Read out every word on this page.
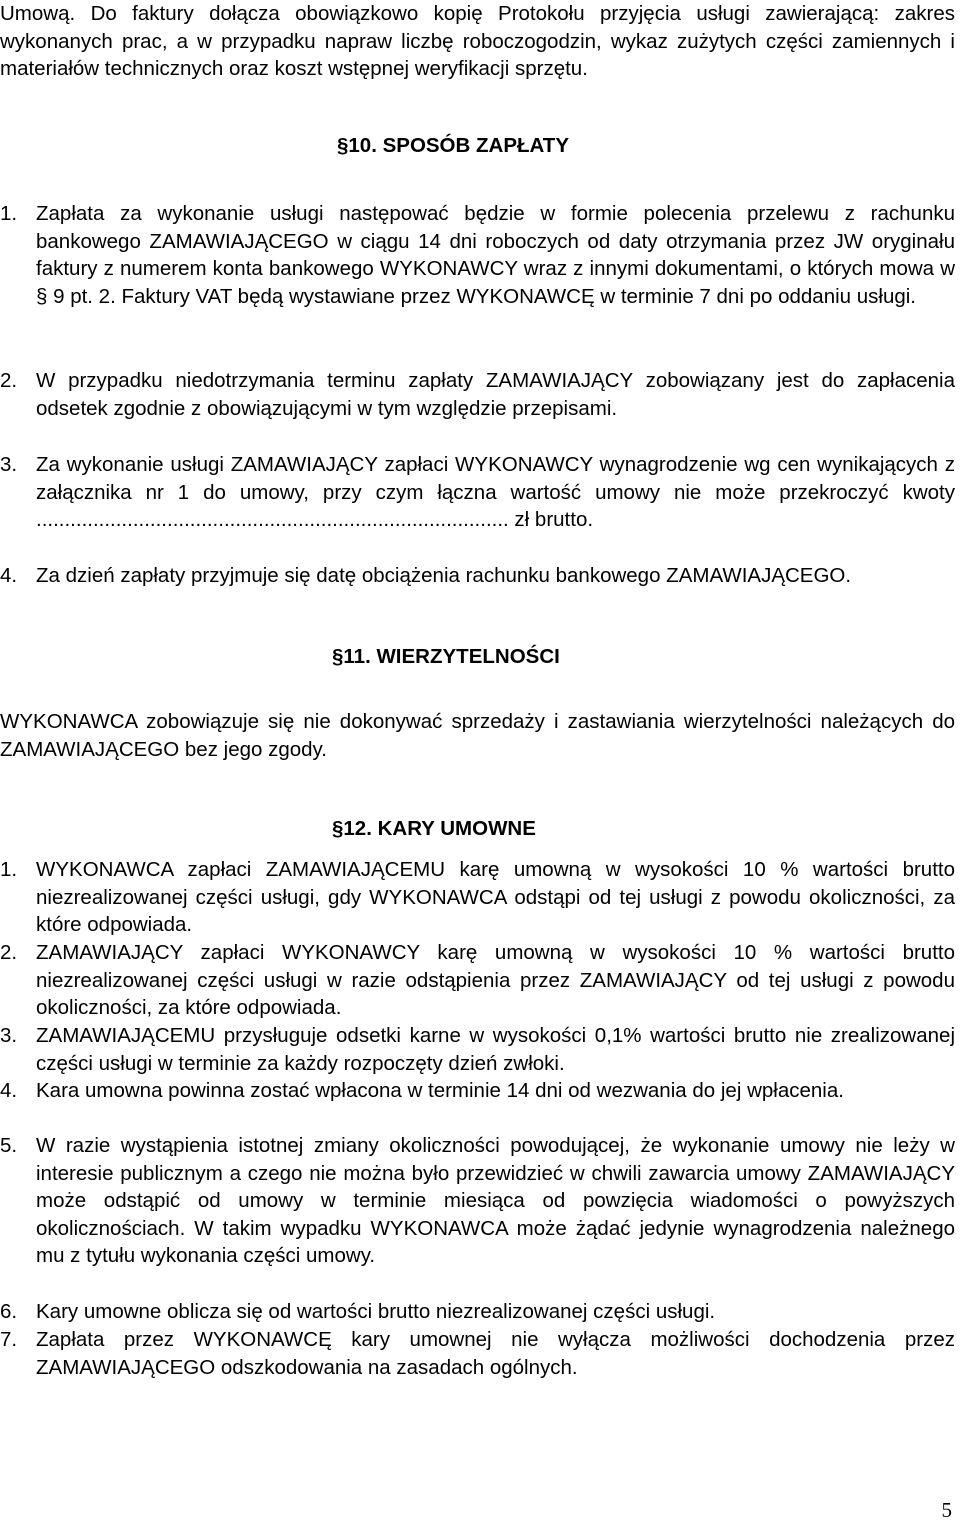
Umową. Do faktury dołącza obowiązkowo kopię Protokołu przyjęcia usługi zawierającą: zakres wykonanych prac, a w przypadku napraw liczbę roboczogodzin, wykaz zużytych części zamiennych i materiałów technicznych oraz koszt wstępnej weryfikacji sprzętu.

§10. SPOSÓB ZAPŁATY
1. Zapłata za wykonanie usługi następować będzie w formie polecenia przelewu z rachunku bankowego ZAMAWIAJĄCEGO w ciągu 14 dni roboczych od daty otrzymania przez JW oryginału faktury z numerem konta bankowego WYKONAWCY wraz z innymi dokumentami, o których mowa w § 9 pt. 2. Faktury VAT będą wystawiane przez WYKONAWCĘ w terminie 7 dni po oddaniu usługi.
2. W przypadku niedotrzymania terminu zapłaty ZAMAWIAJĄCY zobowiązany jest do zapłacenia odsetek zgodnie z obowiązującymi w tym względzie przepisami.
3. Za wykonanie usługi ZAMAWIAJĄCY zapłaci WYKONAWCY wynagrodzenie wg cen wynikających z załącznika nr 1 do umowy, przy czym łączna wartość umowy nie może przekroczyć kwoty ................................................................................... zł brutto.
4. Za dzień zapłaty przyjmuje się datę obciążenia rachunku bankowego ZAMAWIAJĄCEGO.
§11. WIERZYTELNOŚCI

WYKONAWCA zobowiązuje się nie dokonywać sprzedaży i zastawiania wierzytelności należących do ZAMAWIAJĄCEGO bez jego zgody.

§12. KARY UMOWNE
1. WYKONAWCA zapłaci ZAMAWIAJĄCEMU karę umowną w wysokości 10 % wartości brutto niezrealizowanej części usługi, gdy WYKONAWCA odstąpi od tej usługi z powodu okoliczności, za które odpowiada.
2. ZAMAWIAJĄCY zapłaci WYKONAWCY karę umowną w wysokości 10 % wartości brutto niezrealizowanej części usługi w razie odstąpienia przez ZAMAWIAJĄCY od tej usługi z powodu okoliczności, za które odpowiada.
3. ZAMAWIAJĄCEMU przysługuje odsetki karne w wysokości 0,1% wartości brutto nie zrealizowanej części usługi w terminie za każdy rozpoczęty dzień zwłoki.
4. Kara umowna powinna zostać wpłacona w terminie 14 dni od wezwania do jej wpłacenia.
5. W razie wystąpienia istotnej zmiany okoliczności powodującej, że wykonanie umowy nie leży w interesie publicznym a czego nie można było przewidzieć w chwili zawarcia umowy ZAMAWIAJĄCY może odstąpić od umowy w terminie miesiąca od powzięcia wiadomości o powyższych okolicznościach. W takim wypadku WYKONAWCA może żądać jedynie wynagrodzenia należnego mu z tytułu wykonania części umowy.
6. Kary umowne oblicza się od wartości brutto niezrealizowanej części usługi.
7. Zapłata przez WYKONAWCĘ kary umownej nie wyłącza możliwości dochodzenia przez ZAMAWIAJĄCEGO odszkodowania na zasadach ogólnych.
5
